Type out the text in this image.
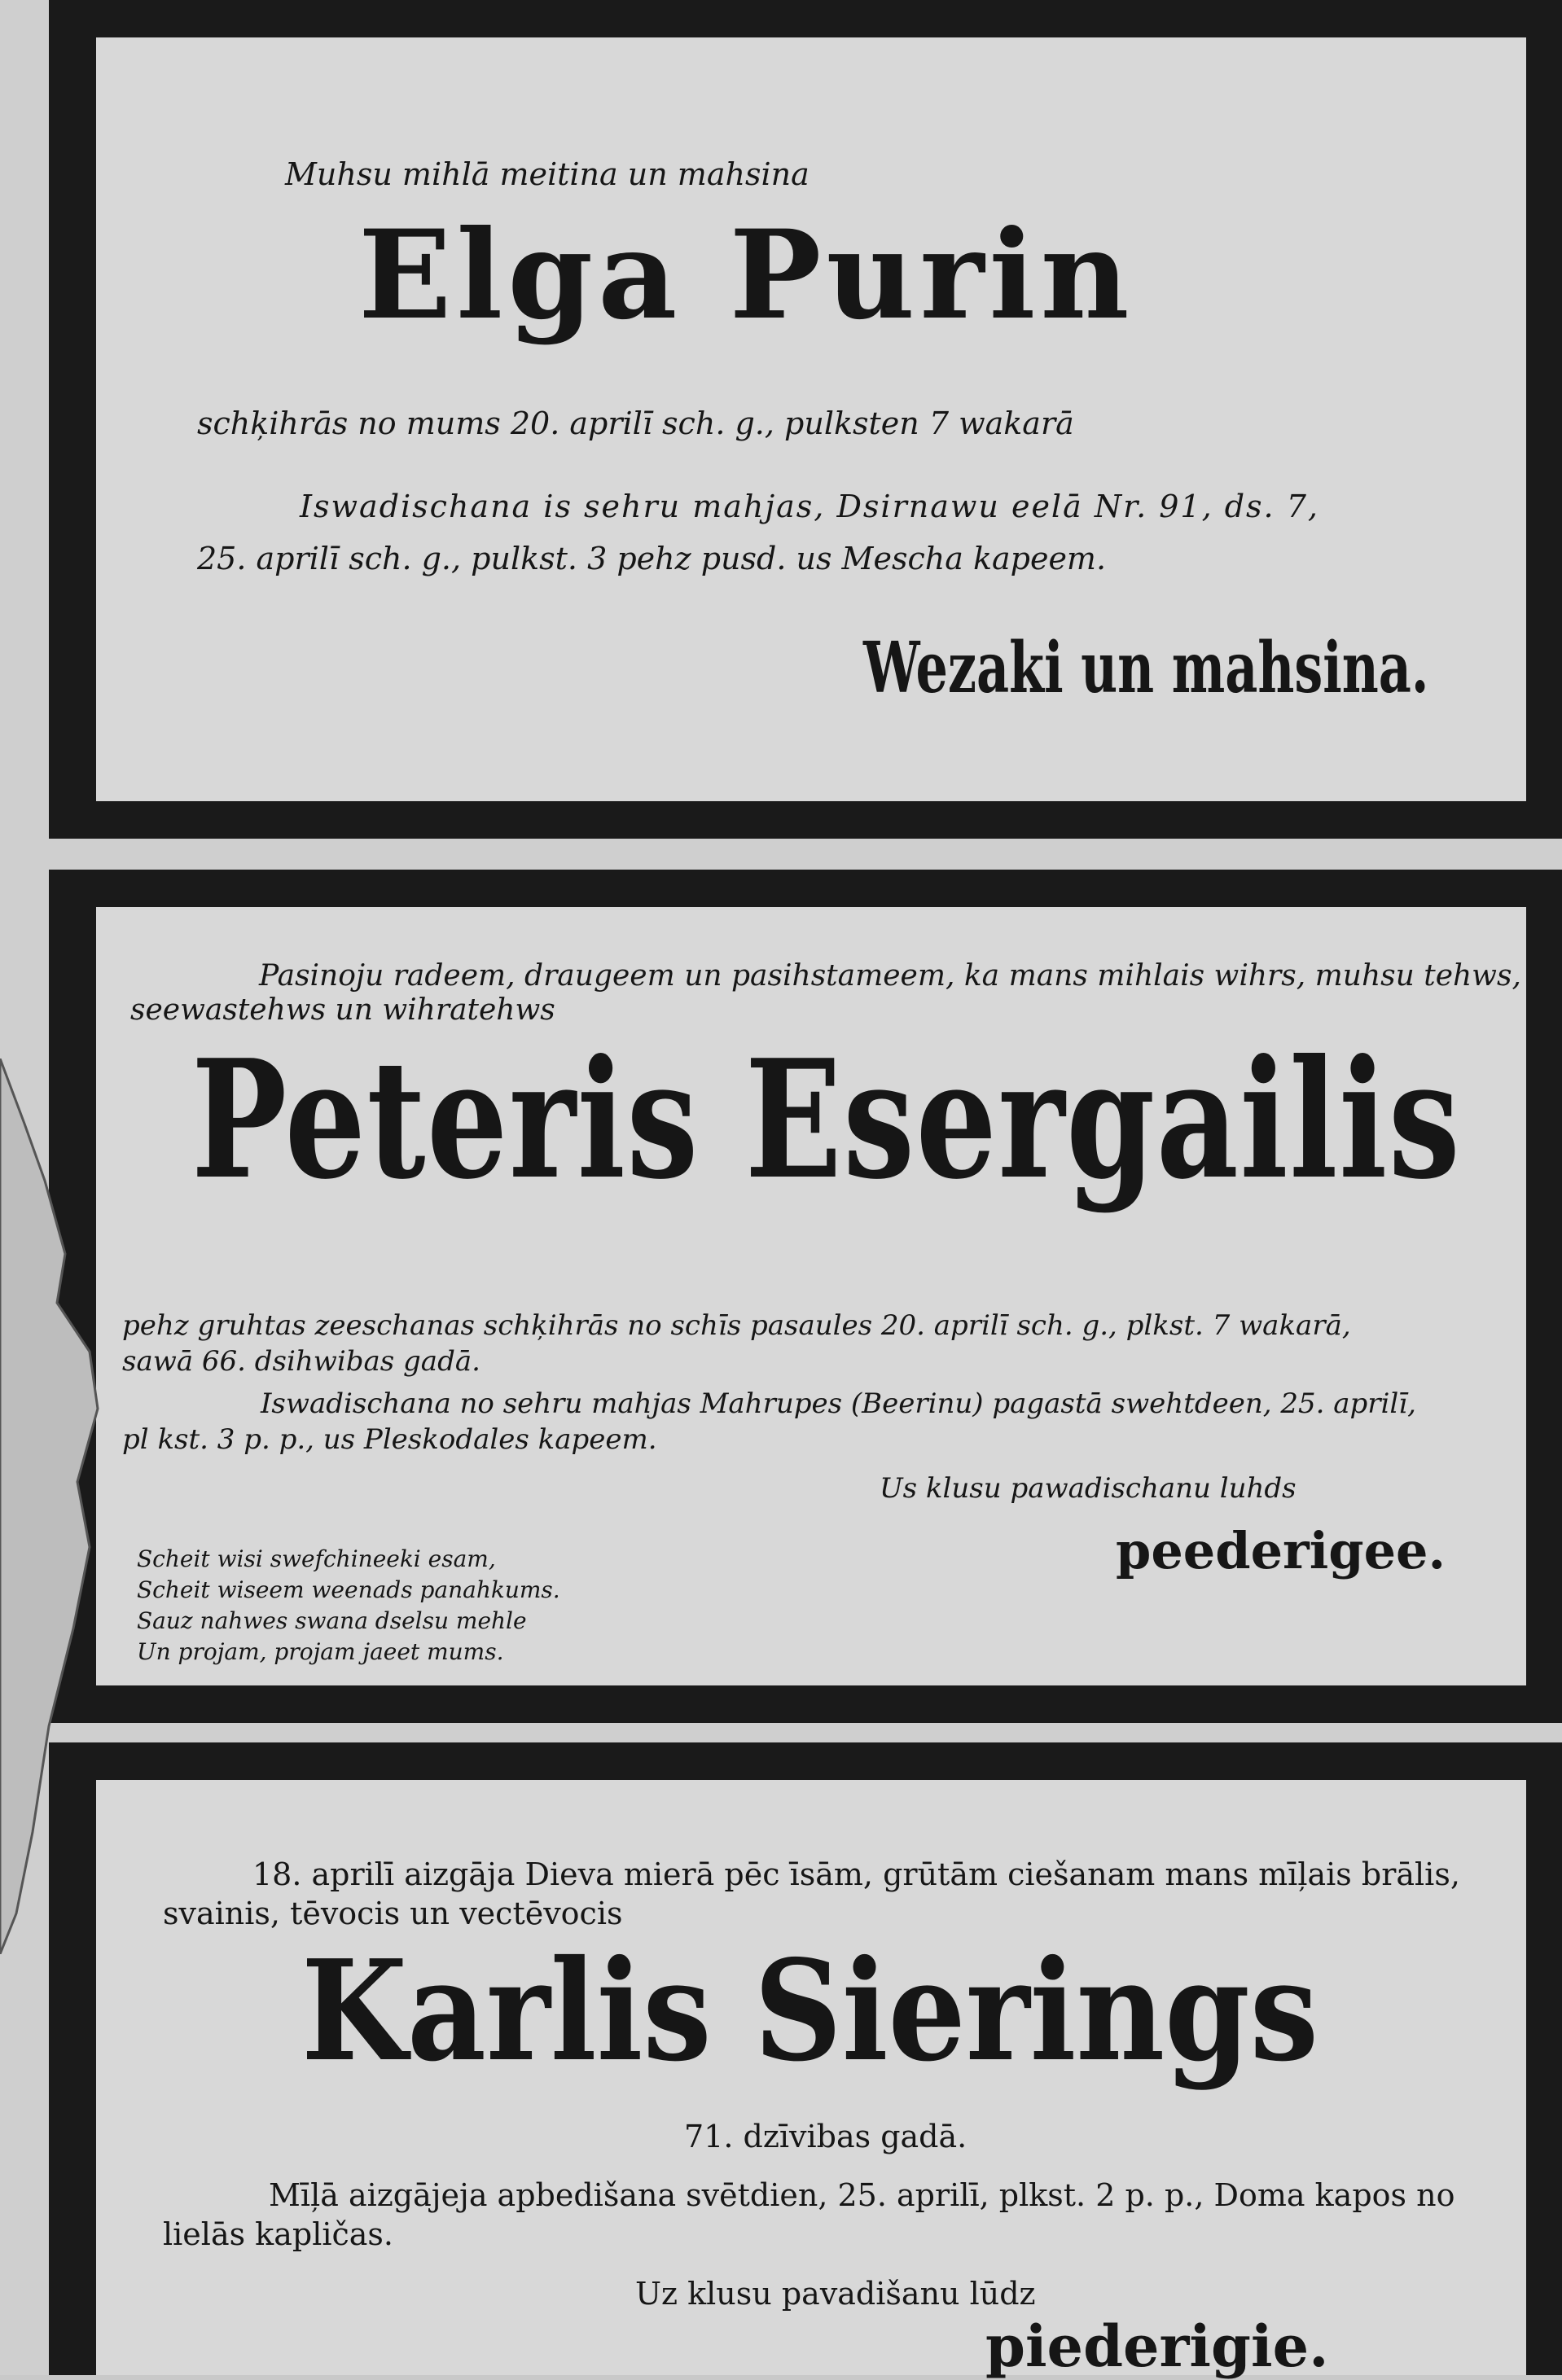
Muhsu mihlā meitina un mahsina

Elga Purin

schķihrās no mums 20. aprilī sch. g., pulksten 7 wakarā

Iswadischana is sehru mahjas, Dsirnawu eelā Nr. 91, ds. 7,

25. aprilī sch. g., pulkst. 3 pehz pusd. us Mescha kapeem.

Wezaki un mahsina.

Pasinoju radeem, draugeem un pasihstameem, ka mans mihlais wihrs, muhsu tehws,

seewastehws un wihratehws

Peteris Esergailis

pehz gruhtas zeeschanas schķihrās no schīs pasaules 20. aprilī sch. g., plkst. 7 wakarā,

sawā 66. dsihwibas gadā.

Iswadischana no sehru mahjas Mahrupes (Beerinu) pagastā swehtdeen, 25. aprilī,

pl kst. 3 p. p., us Pleskodales kapeem.

Us klusu pawadischanu luhds

peederigee.

Scheit wisi swefchineeki esam,

Scheit wiseem weenads panahkums.

Sauz nahwes swana dselsu mehle

Un projam, projam jaeet mums.

18. aprilī aizgāja Dieva mierā pēc īsām, grūtām ciešanam mans mīļais brālis,

svainis, tēvocis un vectēvocis

Karlis Sierings

71. dzīvibas gadā.

Mīļā aizgājeja apbedišana svētdien, 25. aprilī, plkst. 2 p. p., Doma kapos no

lielās kapličas.

Uz klusu pavadišanu lūdz

piederigie.
